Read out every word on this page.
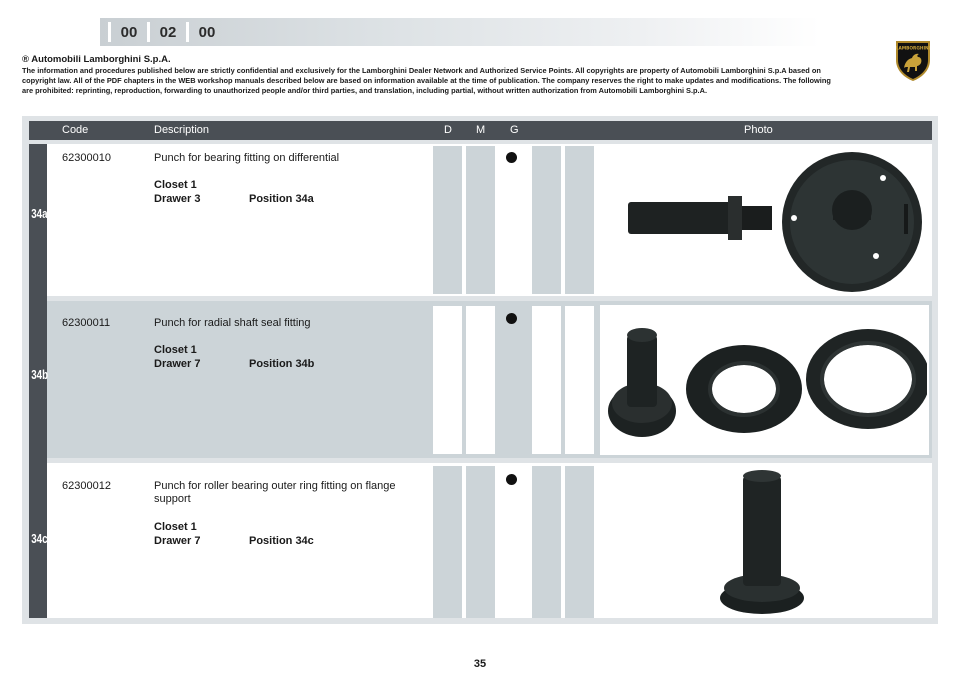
00	02	00
LAMBORGHINI
® Automobili Lamborghini S.p.A.
The information and procedures published below are strictly confidential and exclusively for the Lamborghini Dealer Network and Authorized Service Points. All copyrights are property of Automobili Lamborghini S.p.A based on copyright law. All of the PDF chapters in the WEB workshop manuals described below are based on information available at the time of publication. The company reserves the right to make updates and modifications. The following are prohibited: reprinting, reproduction, forwarding to unauthorized people and/or third parties, and translation, including partial, without written authorization from Automobili Lamborghini S.p.A.
Code	Description	D M G	Photo
34a
62300010	Punch for bearing fitting on differential
Closet 1
Drawer 3	Position 34a
34b
62300011	Punch for radial shaft seal fitting
Closet 1
Drawer 7	Position 34b
34c
62300012	Punch for roller bearing outer ring fitting on flange support
Closet 1
Drawer 7	Position 34c
35
